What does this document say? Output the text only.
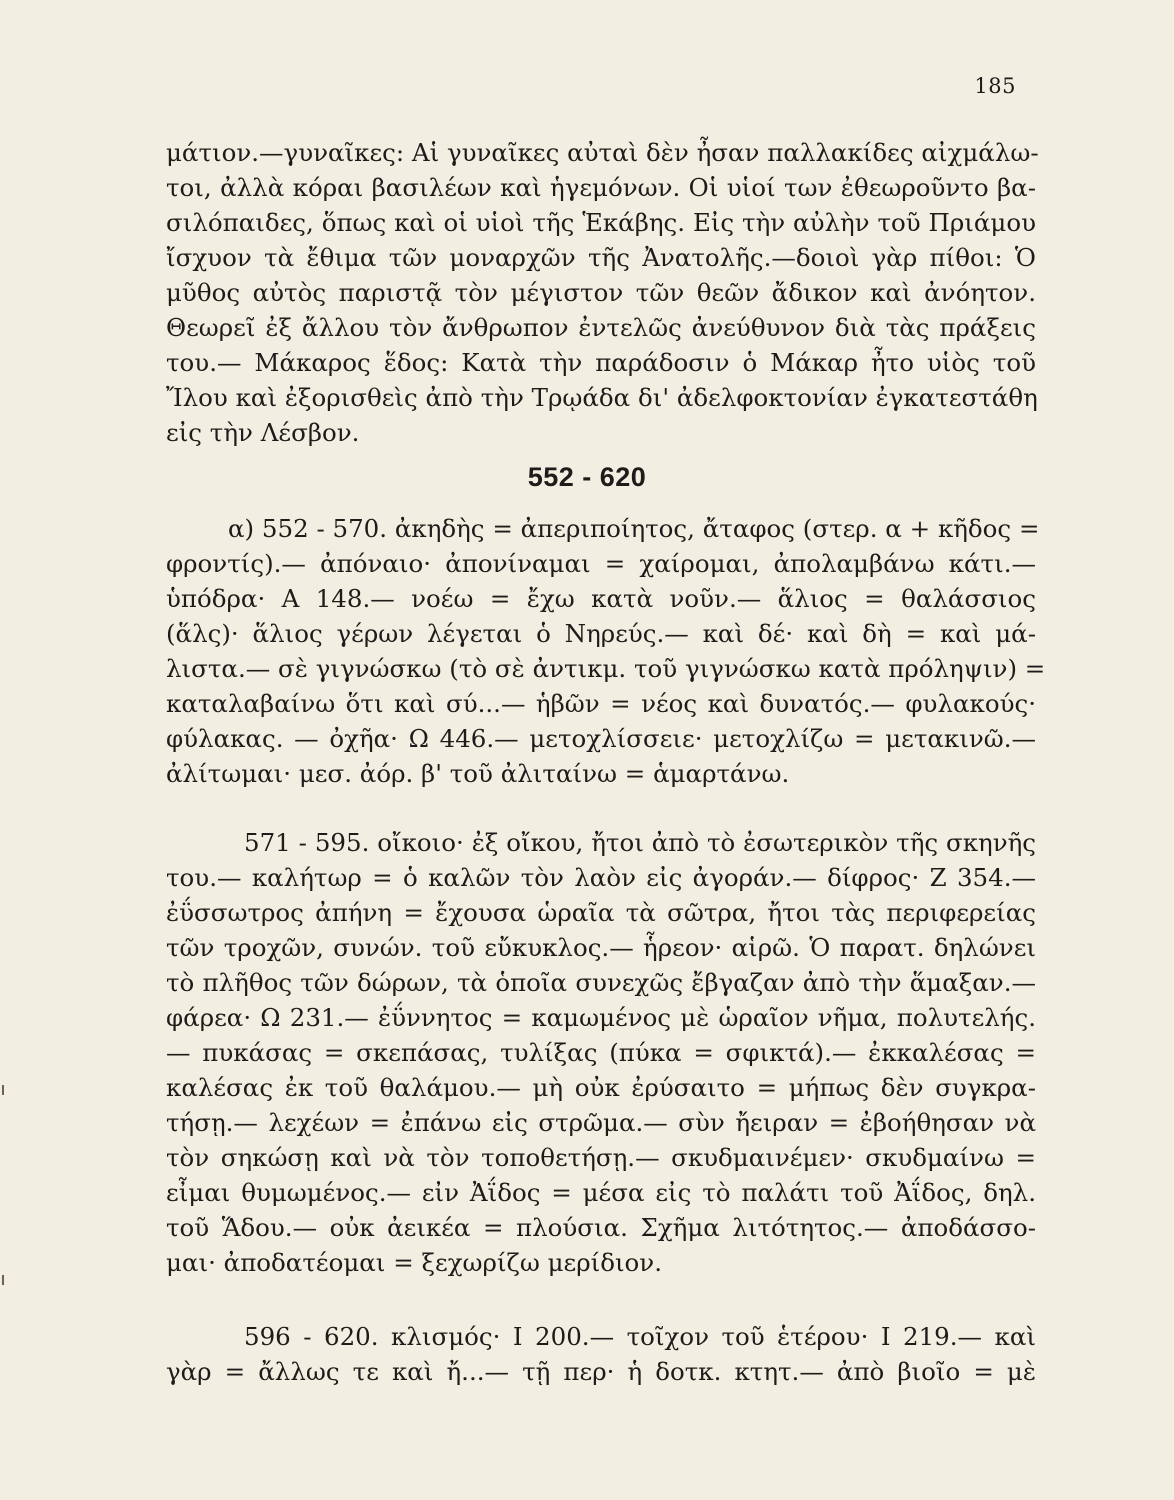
185
μάτιον.—γυναῖκες: Αἱ γυναῖκες αὐταὶ δὲν ἦσαν παλλακίδες αἰχμάλω-
τοι, ἀλλὰ κόραι βασιλέων καὶ ἡγεμόνων. Οἱ υἱοί των ἐθεωροῦντο βα-
σιλόπαιδες, ὅπως καὶ οἱ υἱοὶ τῆς Ἑκάβης. Εἰς τὴν αὐλὴν τοῦ Πριάμου
ἴσχυον τὰ ἔθιμα τῶν μοναρχῶν τῆς Ἀνατολῆς.—δοιοὶ γὰρ πίθοι: Ὁ
μῦθος αὐτὸς παριστᾷ τὸν μέγιστον τῶν θεῶν ἄδικον καὶ ἀνόητον.
Θεωρεῖ ἐξ ἄλλου τὸν ἄνθρωπον ἐντελῶς ἀνεύθυνον διὰ τὰς πράξεις
του.— Μάκαρος ἕδος: Κατὰ τὴν παράδοσιν ὁ Μάκαρ ἦτο υἱὸς τοῦ
Ἴλου καὶ ἐξορισθεὶς ἀπὸ τὴν Τρῳάδα δι' ἀδελφοκτονίαν ἐγκατεστάθη
εἰς τὴν Λέσβον.
552 - 620
α) 552 - 570. ἀκηδὴς = ἀπεριποίητος, ἄταφος (στερ. α + κῆδος =
φροντίς).— ἀπόναιο· ἀπονίναμαι = χαίρομαι, ἀπολαμβάνω κάτι.—
ὑπόδρα· Α 148.— νοέω = ἔχω κατὰ νοῦν.— ἅλιος = θαλάσσιος
(ἅλς)· ἅλιος γέρων λέγεται ὁ Νηρεύς.— καὶ δέ· καὶ δὴ = καὶ μά-
λιστα.— σὲ γιγνώσκω (τὸ σὲ ἀντικμ. τοῦ γιγνώσκω κατὰ πρόληψιν) =
καταλαβαίνω ὅτι καὶ σύ...— ἡβῶν = νέος καὶ δυνατός.— φυλακούς·
φύλακας. — ὀχῆα· Ω 446.— μετοχλίσσειε· μετοχλίζω = μετακινῶ.—
ἀλίτωμαι· μεσ. ἀόρ. β' τοῦ ἀλιταίνω = ἁμαρτάνω.
571 - 595. οἴκοιο· ἐξ οἴκου, ἤτοι ἀπὸ τὸ ἐσωτερικὸν τῆς σκηνῆς
του.— καλήτωρ = ὁ καλῶν τὸν λαὸν εἰς ἀγοράν.— δίφρος· Ζ 354.—
ἐΰσσωτρος ἀπήνη = ἔχουσα ὡραῖα τὰ σῶτρα, ἤτοι τὰς περιφερείας
τῶν τροχῶν, συνών. τοῦ εὔκυκλος.— ἧρεον· αἱρῶ. Ὁ παρατ. δηλώνει
τὸ πλῆθος τῶν δώρων, τὰ ὁποῖα συνεχῶς ἔβγαζαν ἀπὸ τὴν ἅμαξαν.—
φάρεα· Ω 231.— ἐΰννητος = καμωμένος μὲ ὡραῖον νῆμα, πολυτελής.
— πυκάσας = σκεπάσας, τυλίξας (πύκα = σφικτά).— ἐκκαλέσας =
καλέσας ἐκ τοῦ θαλάμου.— μὴ οὐκ ἐρύσαιτο = μήπως δὲν συγκρα-
τήσῃ.— λεχέων = ἐπάνω εἰς στρῶμα.— σὺν ἤειραν = ἐβοήθησαν νὰ
τὸν σηκώσῃ καὶ νὰ τὸν τοποθετήσῃ.— σκυδμαινέμεν· σκυδμαίνω =
εἶμαι θυμωμένος.— εἰν Ἀΐδος = μέσα εἰς τὸ παλάτι τοῦ Ἀΐδος, δηλ.
τοῦ Ἅδου.— οὐκ ἀεικέα = πλούσια. Σχῆμα λιτότητος.— ἀποδάσσο-
μαι· ἀποδατέομαι = ξεχωρίζω μερίδιον.
596 - 620. κλισμός· Ι 200.— τοῖχον τοῦ ἑτέρου· Ι 219.— καὶ
γὰρ = ἄλλως τε καὶ ἤ...— τῇ περ· ἡ δοτκ. κτητ.— ἀπὸ βιοῖο = μὲ
